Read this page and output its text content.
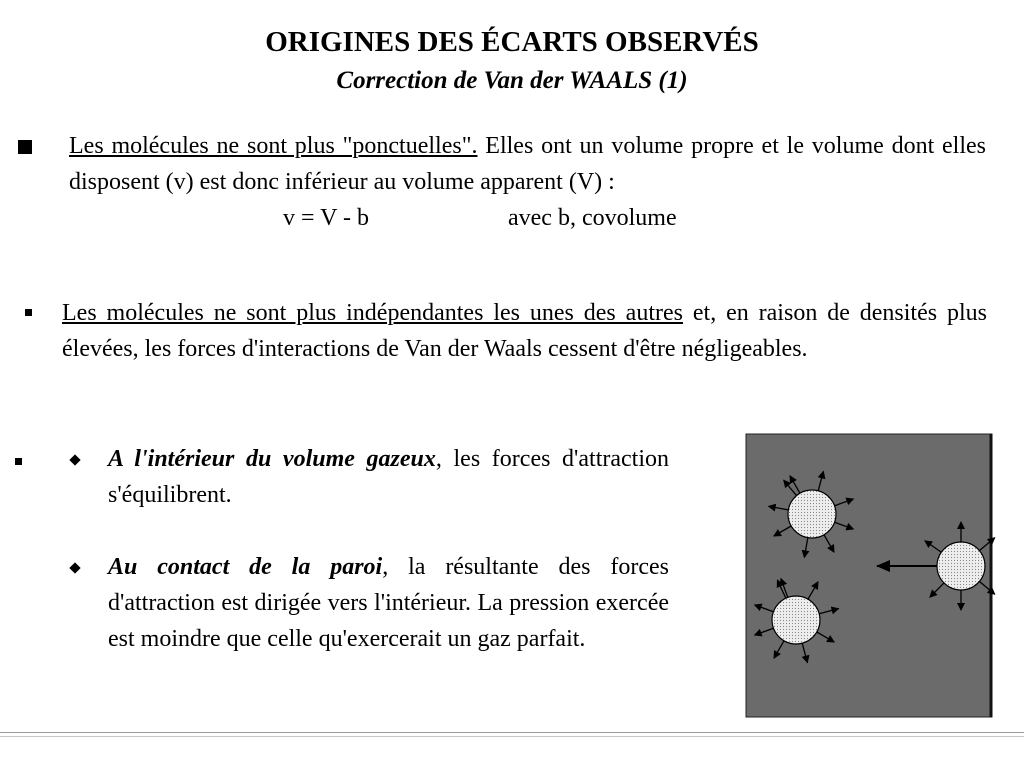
ORIGINES DES ÉCARTS OBSERVÉS
Correction de Van der WAALS (1)
Les molécules ne sont plus "ponctuelles". Elles ont un volume propre et le volume dont elles disposent (v) est donc inférieur au volume apparent (V) :
v = V - b	avec b, covolume
Les molécules ne sont plus indépendantes les unes des autres et, en raison de densités plus élevées, les forces d'interactions de Van der Waals cessent d'être négligeables.
A l'intérieur du volume gazeux, les forces d'attraction s'équilibrent.
Au contact de la paroi, la résultante des forces d'attraction est dirigée vers l'intérieur. La pression exercée est moindre que celle qu'exercerait un gaz parfait.
